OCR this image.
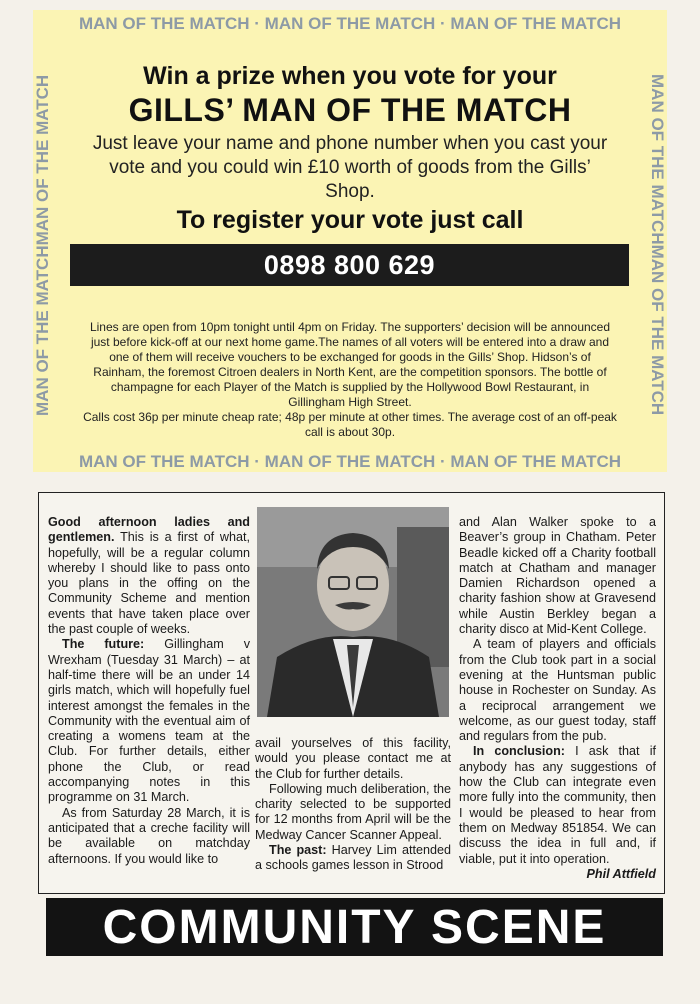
MAN OF THE MATCH · MAN OF THE MATCH · MAN OF THE MATCH
MAN OF THE MATCHMAN OF THE MATCH	MAN OF THE MATCHMAN OF THE MATCH
MAN OF THE MATCH · MAN OF THE MATCH · MAN OF THE MATCH
Win a prize when you vote for your
GILLS’ MAN OF THE MATCH
Just leave your name and phone number when you cast your vote and you could win £10 worth of goods from the Gills’ Shop.
To register your vote just call
0898 800 629

Lines are open from 10pm tonight until 4pm on Friday. The supporters’ decision will be announced just before kick-off at our next home game.The names of all voters will be entered into a draw and one of them will receive vouchers to be exchanged for goods in the Gills’ Shop. Hidson’s of Rainham, the foremost Citroen dealers in North Kent, are the competition sponsors. The bottle of champagne for each Player of the Match is supplied by the Hollywood Bowl Restaurant, in Gillingham High Street.

Calls cost 36p per minute cheap rate; 48p per minute at other times. The average cost of an off-peak call is about 30p.

Good afternoon ladies and gentlemen. This is a first of what, hopefully, will be a regular column whereby I should like to pass onto you plans in the offing on the Community Scheme and mention events that have taken place over the past couple of weeks.

The future: Gillingham v Wrexham (Tuesday 31 March) – at half-time there will be an under 14 girls match, which will hopefully fuel interest amongst the females in the Community with the eventual aim of creating a womens team at the Club. For further details, either phone the Club, or read accompanying notes in this programme on 31 March.

As from Saturday 28 March, it is anticipated that a creche facility will be available on matchday afternoons. If you would like to

avail yourselves of this facility, would you please contact me at the Club for further details.

Following much deliberation, the charity selected to be supported for 12 months from April will be the Medway Cancer Scanner Appeal.

The past: Harvey Lim attended a schools games lesson in Strood

and Alan Walker spoke to a Beaver’s group in Chatham. Peter Beadle kicked off a Charity football match at Chatham and manager Damien Richardson opened a charity fashion show at Gravesend while Austin Berkley began a charity disco at Mid-Kent College.

A team of players and officials from the Club took part in a social evening at the Huntsman public house in Rochester on Sunday. As a reciprocal arrangement we welcome, as our guest today, staff and regulars from the pub.

In conclusion: I ask that if anybody has any suggestions of how the Club can integrate even more fully into the community, then I would be pleased to hear from them on Medway 851854. We can discuss the idea in full and, if viable, put it into operation.

Phil Attfield
COMMUNITY SCENE
